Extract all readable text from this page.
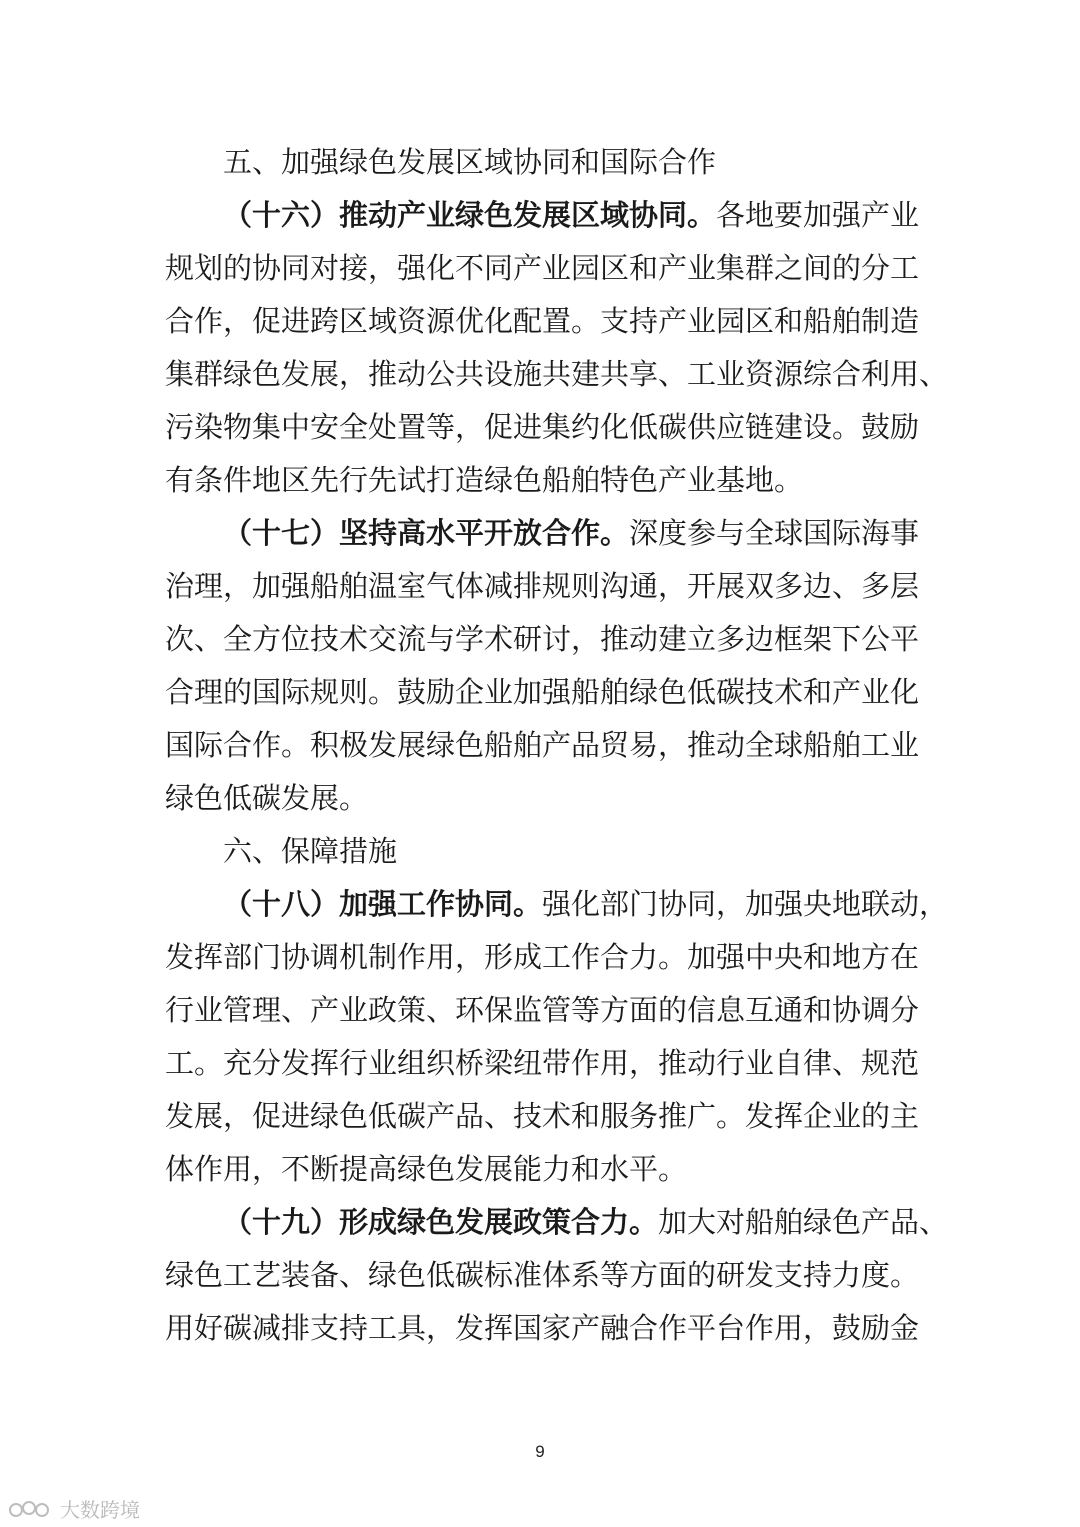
五、加强绿色发展区域协同和国际合作
（十六）推动产业绿色发展区域协同。各地要加强产业
规划的协同对接，强化不同产业园区和产业集群之间的分工
合作，促进跨区域资源优化配置。支持产业园区和船舶制造
集群绿色发展，推动公共设施共建共享、工业资源综合利用、
污染物集中安全处置等，促进集约化低碳供应链建设。鼓励
有条件地区先行先试打造绿色船舶特色产业基地。
（十七）坚持高水平开放合作。深度参与全球国际海事
治理，加强船舶温室气体减排规则沟通，开展双多边、多层
次、全方位技术交流与学术研讨，推动建立多边框架下公平
合理的国际规则。鼓励企业加强船舶绿色低碳技术和产业化
国际合作。积极发展绿色船舶产品贸易，推动全球船舶工业
绿色低碳发展。
六、保障措施
（十八）加强工作协同。强化部门协同，加强央地联动，
发挥部门协调机制作用，形成工作合力。加强中央和地方在
行业管理、产业政策、环保监管等方面的信息互通和协调分
工。充分发挥行业组织桥梁纽带作用，推动行业自律、规范
发展，促进绿色低碳产品、技术和服务推广。发挥企业的主
体作用，不断提高绿色发展能力和水平。
（十九）形成绿色发展政策合力。加大对船舶绿色产品、
绿色工艺装备、绿色低碳标准体系等方面的研发支持力度。
用好碳减排支持工具，发挥国家产融合作平台作用，鼓励金
9
大数跨境
